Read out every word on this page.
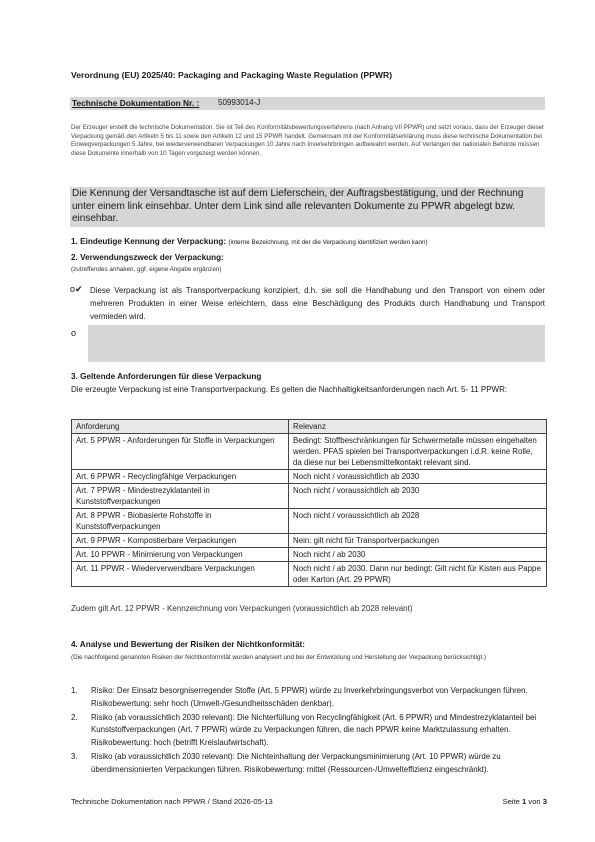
Verordnung (EU) 2025/40: Packaging and Packaging Waste Regulation (PPWR)
Technische Dokumentation Nr. : 50993014-J
Der Erzeuger erstellt die technische Dokumentation. Sie ist Teil des Konformitätsbewertungsverfahrens (nach Anhang VII PPWR) und setzt voraus, dass der Erzeuger dieser Verpackung gemäß den Artikeln 5 bis 11 sowie den Artikeln 12 und 15 PPWR handelt. Gemeinsam mit der Konformitätserklärung muss diese technische Dokumentation bei Einwegverpackungen 5 Jahre, bei wiederverwendbaren Verpackungen 10 Jahre nach Inverkehrbringen aufbewahrt werden. Auf Verlangen der nationalen Behörde müssen diese Dokumente innerhalb von 10 Tagen vorgezeigt werden können.
Die Kennung der Versandtasche ist auf dem Lieferschein, der Auftragsbestätigung, und der Rechnung unter einem link einsehbar. Unter dem Link sind alle relevanten Dokumente zu PPWR abgelegt bzw. einsehbar.
1. Eindeutige Kennung der Verpackung: (interne Bezeichnung, mit der die Verpackung identifiziert werden kann)
2. Verwendungszweck der Verpackung:
(zutreffendes anhaken, ggf. eigene Angabe ergänzen)
o✔ Diese Verpackung ist als Transportverpackung konzipiert, d.h. sie soll die Handhabung und den Transport von einem oder mehreren Produkten in einer Weise erleichtern, dass eine Beschädigung des Produkts durch Handhabung und Transport vermieden wird.
o
3. Geltende Anforderungen für diese Verpackung
Die erzeugte Verpackung ist eine Transportverpackung. Es gelten die Nachhaltigkeitsanforderungen nach Art. 5- 11 PPWR:
Anforderung	Relevanz
Art. 5 PPWR - Anforderungen für Stoffe in Verpackungen	Bedingt: Stoffbeschränkungen für Schwermetalle müssen eingehalten werden. PFAS spielen bei Transportverpackungen i.d.R. keine Rolle, da diese nur bei Lebensmittelkontakt relevant sind.
Art. 6 PPWR - Recyclingfähige Verpackungen	Noch nicht / voraussichtlich ab 2030
Art. 7 PPWR - Mindestrezyklatanteil in Kunststoffverpackungen	Noch nicht / voraussichtlich ab 2030
Art. 8 PPWR - Biobasierte Rohstoffe in Kunststoffverpackungen	Noch nicht / voraussichtlich ab 2028
Art. 9 PPWR - Kompostierbare Verpackungen	Nein: gilt nicht für Transportverpackungen
Art. 10 PPWR - Minimierung von Verpackungen	Noch nicht / ab 2030
Art. 11 PPWR - Wiederverwendbare Verpackungen	Noch nicht / ab 2030. Dann nur bedingt: Gilt nicht für Kisten aus Pappe oder Karton (Art. 29 PPWR)
Zudem gilt Art. 12 PPWR - Kennzeichnung von Verpackungen (voraussichtlich ab 2028 relevant)
4. Analyse und Bewertung der Risiken der Nichtkonformität:
(Die nachfolgend genannten Risiken der Nichtkonformität wurden analysiert und bei der Entwicklung und Herstellung der Verpackung berücksichtigt.)
1. Risiko: Der Einsatz besorgniserregender Stoffe (Art. 5 PPWR) würde zu Inverkehrbringungsverbot von Verpackungen führen. Risikobewertung: sehr hoch (Umwelt-/Gesundheitsschäden denkbar).
2. Risiko (ab voraussichtlich 2030 relevant): Die Nichterfüllung von Recyclingfähigkeit (Art. 6 PPWR) und Mindestrezyklatanteil bei Kunststoffverpackungen (Art. 7 PPWR) würde zu Verpackungen führen, die nach PPWR keine Marktzulassung erhalten. Risikobewertung: hoch (betrifft Kreislaufwirtschaft).
3. Risiko (ab voraussichtlich 2030 relevant): Die Nichteinhaltung der Verpackungsminimierung (Art. 10 PPWR) würde zu überdimensionierten Verpackungen führen. Risikobewertung: mittel (Ressourcen-/Umwelteffizienz eingeschränkt).
Technische Dokumentation nach PPWR / Stand 2026-05-13	Seite 1 von 3
